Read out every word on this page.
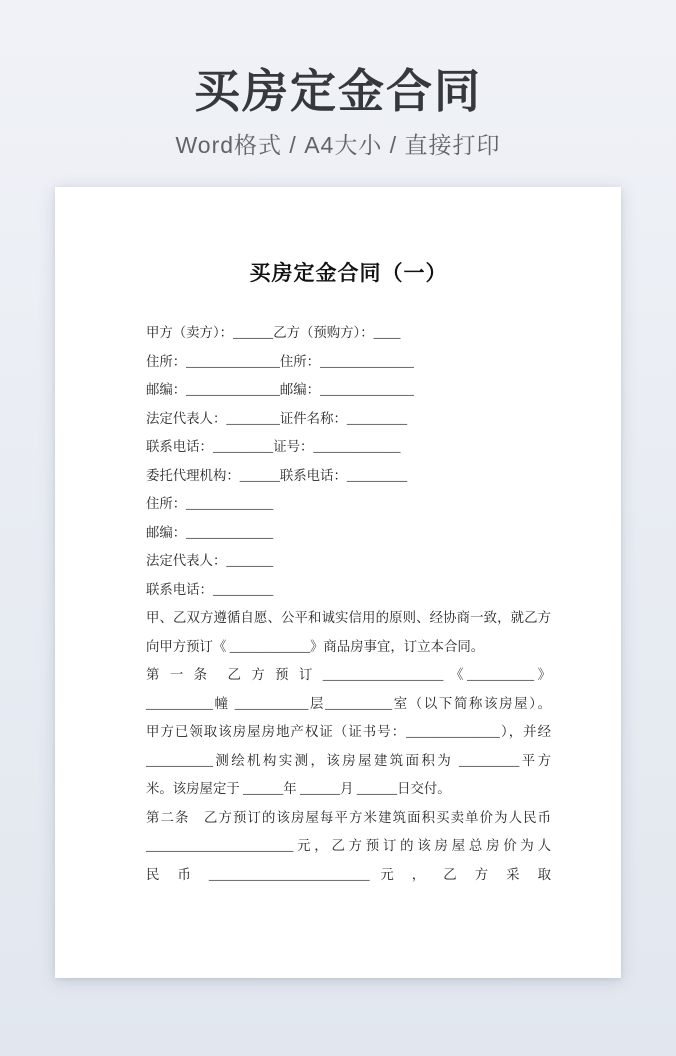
买房定金合同
Word格式 / A4大小 / 直接打印
买房定金合同（一）
甲方（卖方）：______乙方（预购方）：____
住所：______________住所：______________
邮编：______________邮编：______________
法定代表人：________证件名称：_________
联系电话：_________证号：_____________
委托代理机构：______联系电话：_________
住所：_____________
邮编：_____________
法定代表人：_______
联系电话：_________
甲、乙双方遵循自愿、公平和诚实信用的原则、经协商一致，就乙方
向甲方预订《 ____________》商品房事宜，订立本合同。
第 一 条　乙 方 预 订 __________________ 《__________》
__________幢 ___________层__________室（以下简称该房屋）。
甲方已领取该房屋房地产权证（证书号：______________），并经
__________测绘机构实测，该房屋建筑面积为 _________平方
米。该房屋定于 ______年 ______月 ______日交付。
第二条　乙方预订的该房屋每平方米建筑面积买卖单价为人民币
______________________元，乙方预订的该房屋总房价为人
民 币 ________________________ 元 ， 乙 方 采 取
